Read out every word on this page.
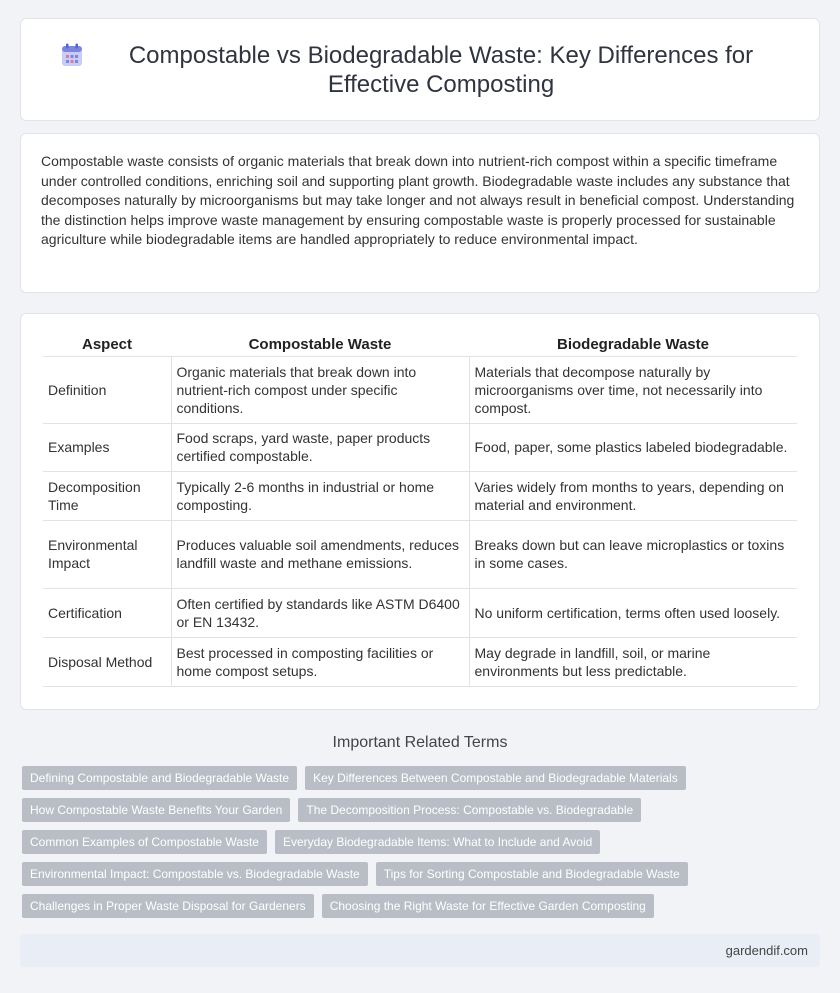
Compostable vs Biodegradable Waste: Key Differences for Effective Composting

Compostable waste consists of organic materials that break down into nutrient-rich compost within a specific timeframe under controlled conditions, enriching soil and supporting plant growth. Biodegradable waste includes any substance that decomposes naturally by microorganisms but may take longer and not always result in beneficial compost. Understanding the distinction helps improve waste management by ensuring compostable waste is properly processed for sustainable agriculture while biodegradable items are handled appropriately to reduce environmental impact.

Aspect	Compostable Waste	Biodegradable Waste
Definition	Organic materials that break down into nutrient-rich compost under specific conditions.	Materials that decompose naturally by microorganisms over time, not necessarily into compost.
Examples	Food scraps, yard waste, paper products certified compostable.	Food, paper, some plastics labeled biodegradable.
Decomposition Time	Typically 2-6 months in industrial or home composting.	Varies widely from months to years, depending on material and environment.
Environmental Impact	Produces valuable soil amendments, reduces landfill waste and methane emissions.	Breaks down but can leave microplastics or toxins in some cases.
Certification	Often certified by standards like ASTM D6400 or EN 13432.	No uniform certification, terms often used loosely.
Disposal Method	Best processed in composting facilities or home compost setups.	May degrade in landfill, soil, or marine environments but less predictable.
Important Related Terms
Defining Compostable and Biodegradable Waste	Key Differences Between Compostable and Biodegradable Materials
How Compostable Waste Benefits Your Garden	The Decomposition Process: Compostable vs. Biodegradable
Common Examples of Compostable Waste	Everyday Biodegradable Items: What to Include and Avoid
Environmental Impact: Compostable vs. Biodegradable Waste	Tips for Sorting Compostable and Biodegradable Waste
Challenges in Proper Waste Disposal for Gardeners	Choosing the Right Waste for Effective Garden Composting
gardendif.com
